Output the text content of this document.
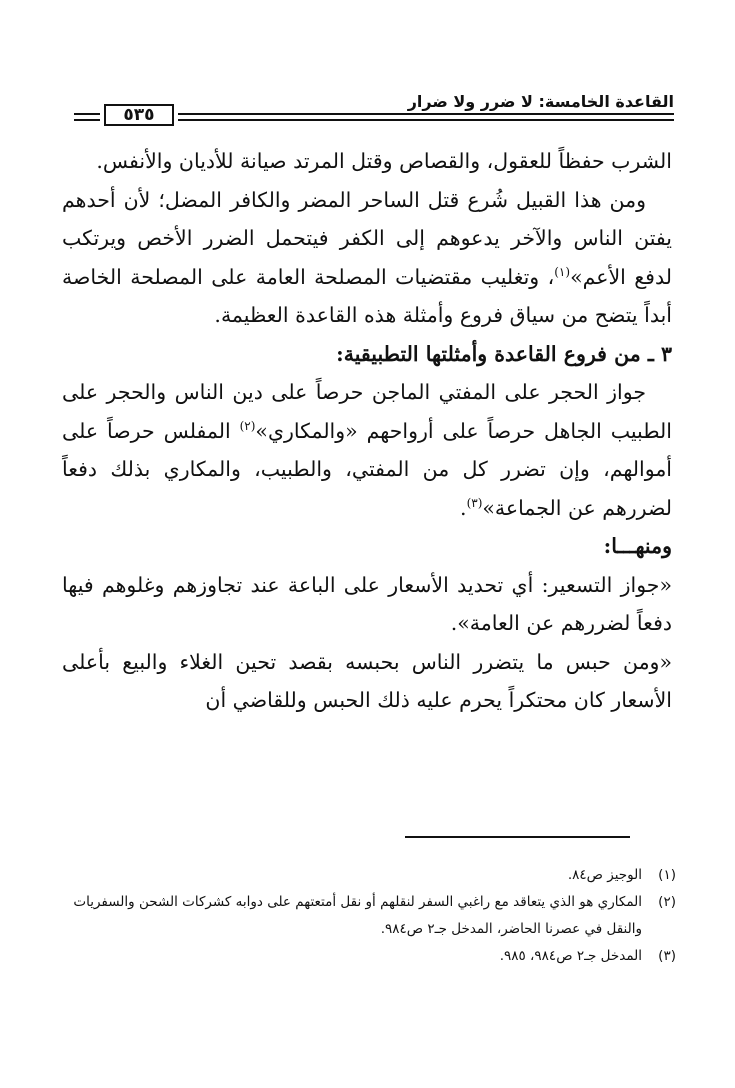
٥٣٥
القاعدة الخامسة: لا ضرر ولا ضرار

الشرب حفظاً للعقول، والقصاص وقتل المرتد صيانة للأديان والأنفس.

ومن هذا القبيل شُرع قتل الساحر المضر والكافر المضل؛ لأن أحدهم يفتن الناس والآخر يدعوهم إلى الكفر فيتحمل الضرر الأخص ويرتكب لدفع الأعم»$^{(١)}$، وتغليب مقتضيات المصلحة العامة على المصلحة الخاصة أبداً يتضح من سياق فروع وأمثلة هذه القاعدة العظيمة.

٣ ـ من فروع القاعدة وأمثلتها التطبيقية:

جواز الحجر على المفتي الماجن حرصاً على دين الناس والحجر على الطبيب الجاهل حرصاً على أرواحهم «والمكاري»$^{(٢)}$ المفلس حرصاً على أموالهم، وإن تضرر كل من المفتي، والطبيب، والمكاري بذلك دفعاً لضررهم عن الجماعة»$^{(٣)}$.

ومنهـــا:

«جواز التسعير: أي تحديد الأسعار على الباعة عند تجاوزهم وغلوهم فيها دفعاً لضررهم عن العامة».

«ومن حبس ما يتضرر الناس بحبسه بقصد تحين الغلاء والبيع بأعلى الأسعار كان محتكراً يحرم عليه ذلك الحبس وللقاضي أن

(١)
الوجيز ص٨٤.
(٢)
المكاري هو الذي يتعاقد مع راغبي السفر لنقلهم أو نقل أمتعتهم على دوابه كشركات الشحن والسفريات والنقل في عصرنا الحاضر، المدخل جـ٢ ص٩٨٤.
(٣)
المدخل جـ٢ ص٩٨٤، ٩٨٥.
